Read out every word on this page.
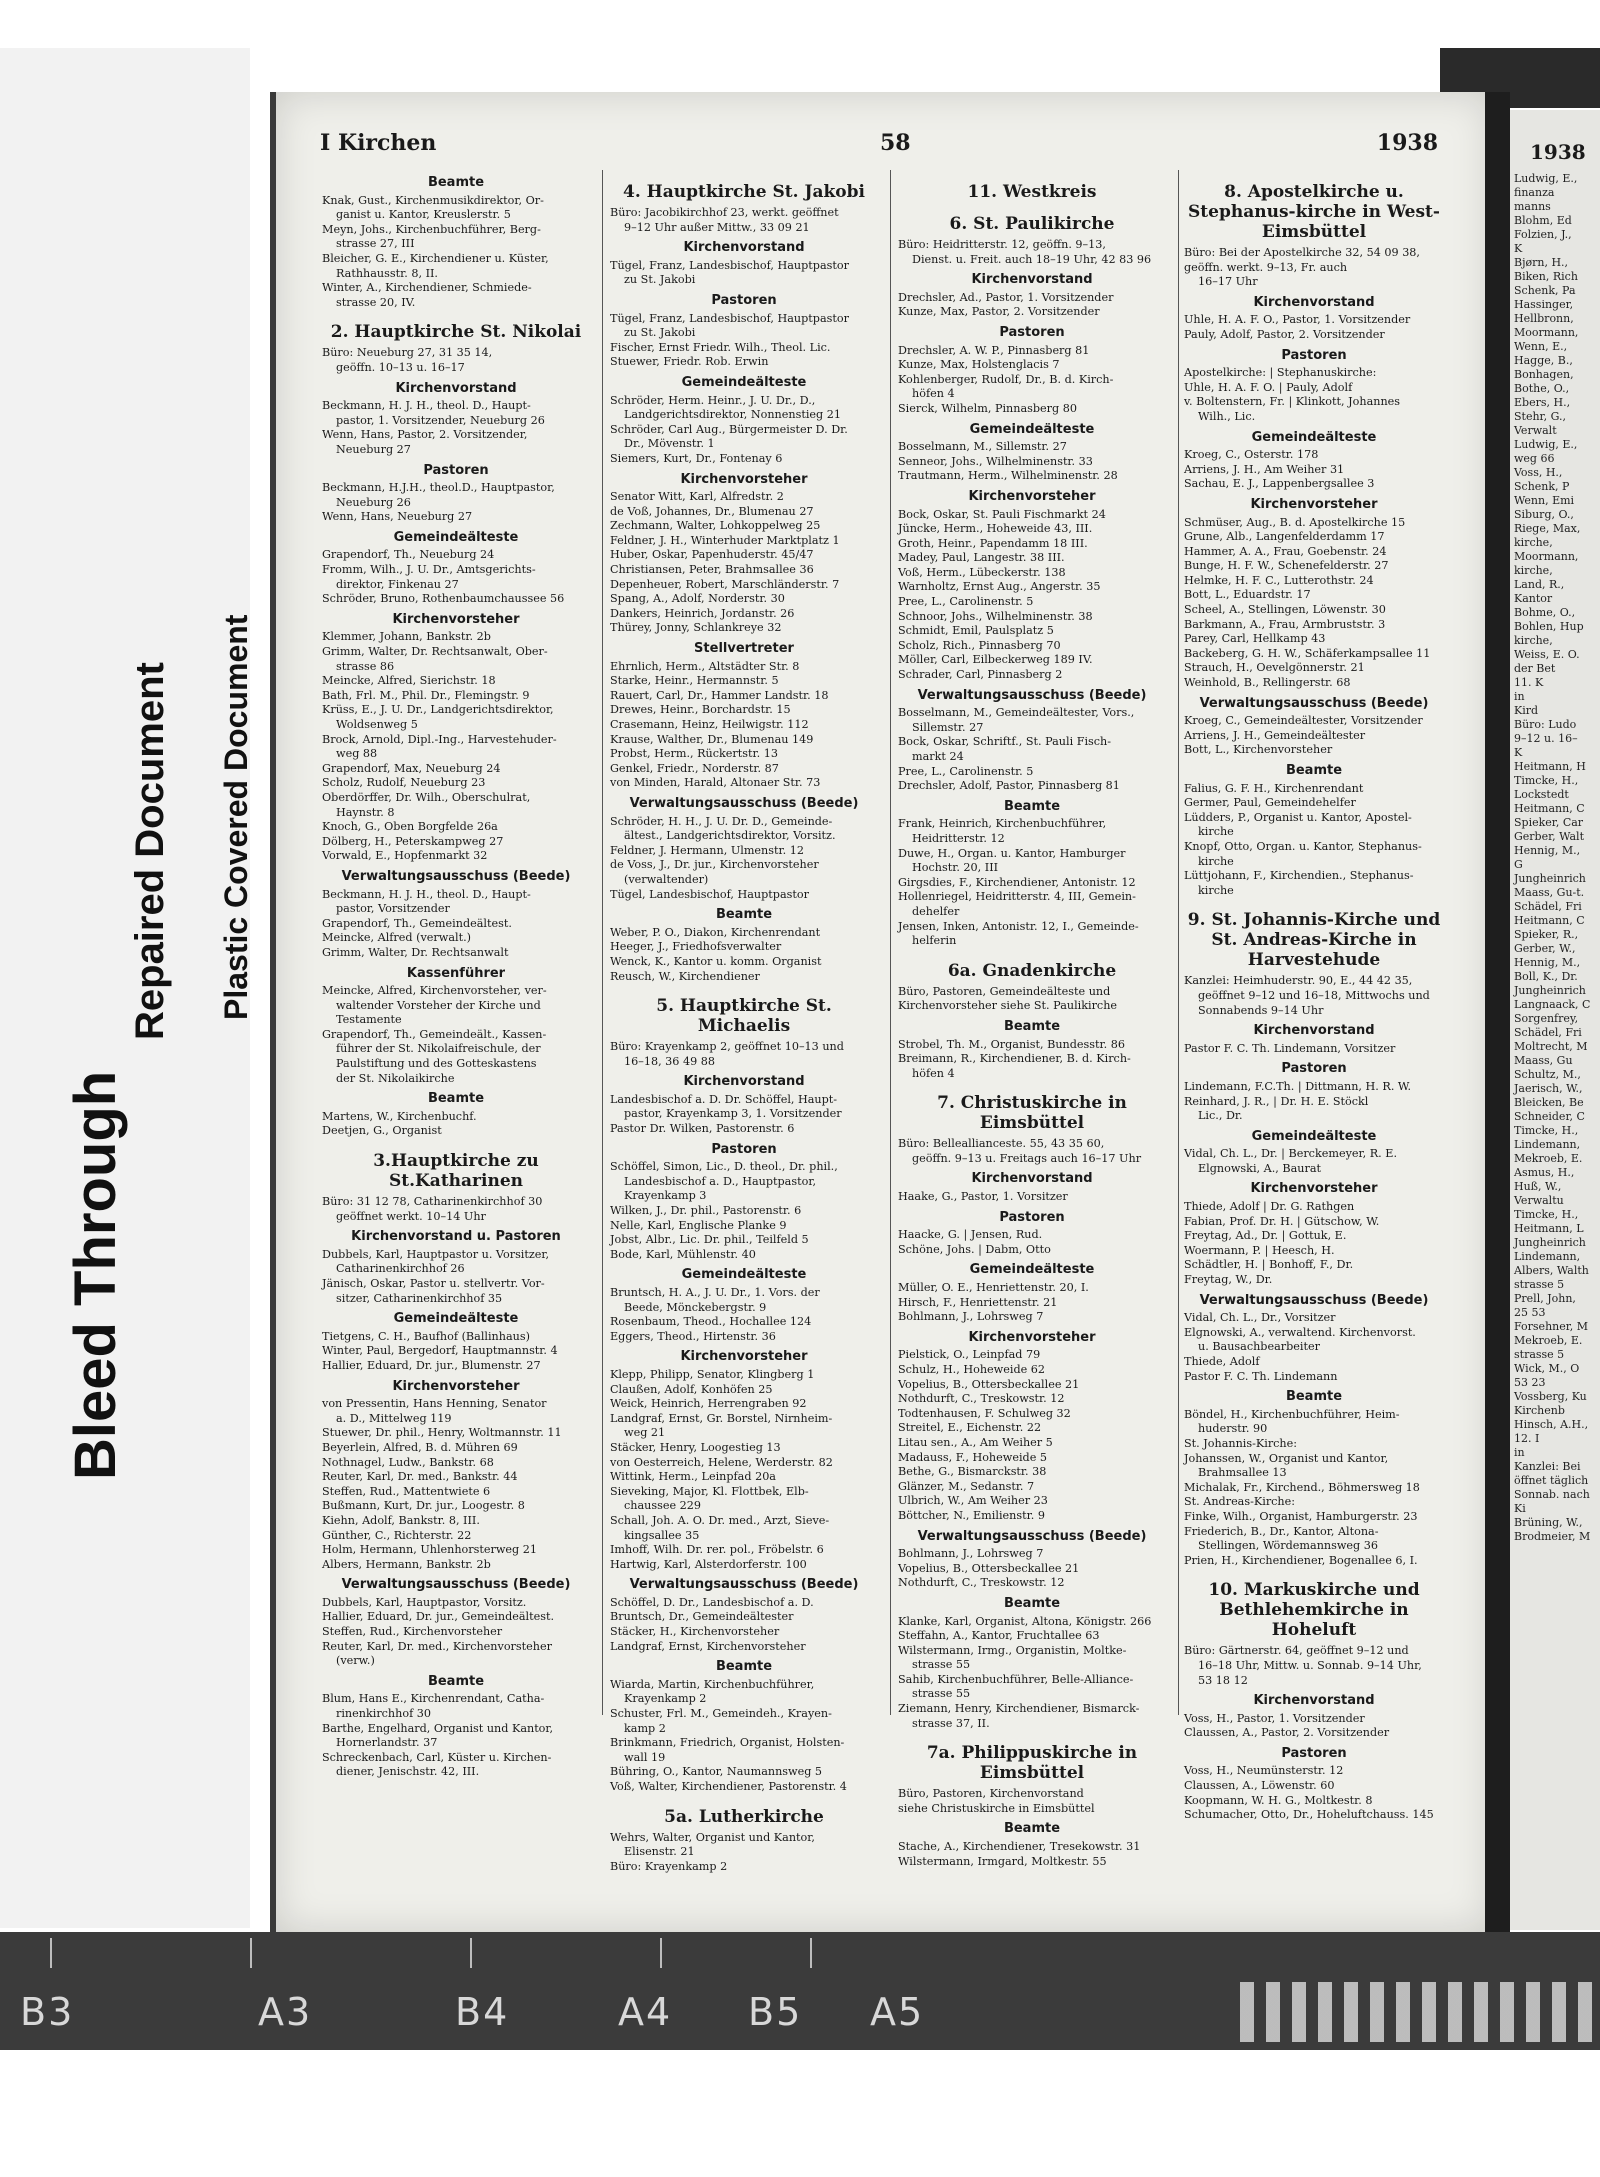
Bleed Through
Repaired Document Plastic Covered Document
1938
Ludwig, E.,
finanza
manns
Blohm, Ed
Folzien, J.,
K
Bjørn, H.,
Biken, Rich
Schenk, Pa
Hassinger,
Hellbronn,
Moormann,
Wenn, E.,
Hagge, B.,
Bonhagen,
Bothe, O.,
Ebers, H.,
Stehr, G.,
Verwalt
Ludwig, E.,
weg 66
Voss, H.,
Schenk, P
Wenn, Emi
Siburg, O.,
Riege, Max,
kirche,
Moormann,
kirche,
Land, R.,
Kantor
Bohme, O.,
Bohlen, Hup
kirche,
Weiss, E. O.
der Bet
11. K
in
Kird
Büro: Ludo
9–12 u. 16–
K
Heitmann, H
Timcke, H.,
Lockstedt
Heitmann, C
Spieker, Car
Gerber, Walt
Hennig, M.,
G
Jungheinrich
Maass, Gu-t.
Schädel, Fri
Heitmann, C
Spieker, R.,
Gerber, W.,
Hennig, M.,
Boll, K., Dr.
Jungheinrich
Langnaack, C
Sorgenfrey,
Schädel, Fri
Moltrecht, M
Maass, Gu
Schultz, M.,
Jaerisch, W.,
Bleicken, Be
Schneider, C
Timcke, H.,
Lindemann,
Mekroeb, E.
Asmus, H.,
Huß, W.,
Verwaltu
Timcke, H.,
Heitmann, L
Jungheinrich
Lindemann,
Albers, Walth
strasse 5
Prell, John,
25 53
Forsehner, M
Mekroeb, E.
strasse 5
Wick, M., O
53 23
Vossberg, Ku
Kirchenb
Hinsch, A.H.,
12. I
in
Kanzlei: Bei
öffnet täglich
Sonnab. nach
Ki
Brüning, W.,
Brodmeier, M
I Kirchen	58	1938
Beamte
Knak, Gust., Kirchenmusikdirektor, Or-
ganist u. Kantor, Kreuslerstr. 5
Meyn, Johs., Kirchenbuchführer, Berg-
strasse 27, III
Bleicher, G. E., Kirchendiener u. Küster,
Rathhausstr. 8, II.
Winter, A., Kirchendiener, Schmiede-
strasse 20, IV.
2. Hauptkirche St. Nikolai
Büro: Neueburg 27, 31 35 14,
geöffn. 10–13 u. 16–17
Kirchenvorstand
Beckmann, H. J. H., theol. D., Haupt-
pastor, 1. Vorsitzender, Neueburg 26
Wenn, Hans, Pastor, 2. Vorsitzender,
Neueburg 27
Pastoren
Beckmann, H.J.H., theol.D., Hauptpastor,
Neueburg 26
Wenn, Hans, Neueburg 27
Gemeindeälteste
Grapendorf, Th., Neueburg 24
Fromm, Wilh., J. U. Dr., Amtsgerichts-
direktor, Finkenau 27
Schröder, Bruno, Rothenbaumchaussee 56
Kirchenvorsteher
Klemmer, Johann, Bankstr. 2b
Grimm, Walter, Dr. Rechtsanwalt, Ober-
strasse 86
Meincke, Alfred, Sierichstr. 18
Bath, Frl. M., Phil. Dr., Flemingstr. 9
Krüss, E., J. U. Dr., Landgerichtsdirektor,
Woldsenweg 5
Brock, Arnold, Dipl.-Ing., Harvestehuder-
weg 88
Grapendorf, Max, Neueburg 24
Scholz, Rudolf, Neueburg 23
Oberdörffer, Dr. Wilh., Oberschulrat,
Haynstr. 8
Knoch, G., Oben Borgfelde 26a
Dölberg, H., Peterskampweg 27
Vorwald, E., Hopfenmarkt 32
Verwaltungsausschuss (Beede)
Beckmann, H. J. H., theol. D., Haupt-
pastor, Vorsitzender
Grapendorf, Th., Gemeindeältest.
Meincke, Alfred (verwalt.)
Grimm, Walter, Dr. Rechtsanwalt
Kassenführer
Meincke, Alfred, Kirchenvorsteher, ver-
waltender Vorsteher der Kirche und
Testamente
Grapendorf, Th., Gemeindeält., Kassen-
führer der St. Nikolaifreischule, der
Paulstiftung und des Gotteskastens
der St. Nikolaikirche
Beamte
Martens, W., Kirchenbuchf.
Deetjen, G., Organist
3.Hauptkirche zu St.Katharinen
Büro: 31 12 78, Catharinenkirchhof 30
geöffnet werkt. 10–14 Uhr
Kirchenvorstand u. Pastoren
Dubbels, Karl, Hauptpastor u. Vorsitzer,
Catharinenkirchhof 26
Jänisch, Oskar, Pastor u. stellvertr. Vor-
sitzer, Catharinenkirchhof 35
Gemeindeälteste
Tietgens, C. H., Baufhof (Ballinhaus)
Winter, Paul, Bergedorf, Hauptmannstr. 4
Hallier, Eduard, Dr. jur., Blumenstr. 27
Kirchenvorsteher
von Pressentin, Hans Henning, Senator
a. D., Mittelweg 119
Stuewer, Dr. phil., Henry, Woltmannstr. 11
Beyerlein, Alfred, B. d. Mühren 69
Nothnagel, Ludw., Bankstr. 68
Reuter, Karl, Dr. med., Bankstr. 44
Steffen, Rud., Mattentwiete 6
Bußmann, Kurt, Dr. jur., Loogestr. 8
Kiehn, Adolf, Bankstr. 8, III.
Günther, C., Richterstr. 22
Holm, Hermann, Uhlenhorsterweg 21
Albers, Hermann, Bankstr. 2b
Verwaltungsausschuss (Beede)
Dubbels, Karl, Hauptpastor, Vorsitz.
Hallier, Eduard, Dr. jur., Gemeindeältest.
Steffen, Rud., Kirchenvorsteher
Reuter, Karl, Dr. med., Kirchenvorsteher
(verw.)
Beamte
Blum, Hans E., Kirchenrendant, Catha-
rinenkirchhof 30
Barthe, Engelhard, Organist und Kantor,
Hornerlandstr. 37
Schreckenbach, Carl, Küster u. Kirchen-
diener, Jenischstr. 42, III.
4. Hauptkirche St. Jakobi
Büro: Jacobikirchhof 23, werkt. geöffnet
9–12 Uhr außer Mittw., 33 09 21
Kirchenvorstand
Tügel, Franz, Landesbischof, Hauptpastor
zu St. Jakobi
Pastoren
Tügel, Franz, Landesbischof, Hauptpastor
zu St. Jakobi
Fischer, Ernst Friedr. Wilh., Theol. Lic.
Stuewer, Friedr. Rob. Erwin
Gemeindeälteste
Schröder, Herm. Heinr., J. U. Dr., D.,
Landgerichtsdirektor, Nonnenstieg 21
Schröder, Carl Aug., Bürgermeister D. Dr.
Dr., Mövenstr. 1
Siemers, Kurt, Dr., Fontenay 6
Kirchenvorsteher
Senator Witt, Karl, Alfredstr. 2
de Voß, Johannes, Dr., Blumenau 27
Zechmann, Walter, Lohkoppelweg 25
Feldner, J. H., Winterhuder Marktplatz 1
Huber, Oskar, Papenhuderstr. 45/47
Christiansen, Peter, Brahmsallee 36
Depenheuer, Robert, Marschländerstr. 7
Spang, A., Adolf, Norderstr. 30
Dankers, Heinrich, Jordanstr. 26
Thürey, Jonny, Schlankreye 32
Stellvertreter
Ehrnlich, Herm., Altstädter Str. 8
Starke, Heinr., Hermannstr. 5
Rauert, Carl, Dr., Hammer Landstr. 18
Drewes, Heinr., Borchardstr. 15
Crasemann, Heinz, Heilwigstr. 112
Krause, Walther, Dr., Blumenau 149
Probst, Herm., Rückertstr. 13
Genkel, Friedr., Norderstr. 87
von Minden, Harald, Altonaer Str. 73
Verwaltungsausschuss (Beede)
Schröder, H. H., J. U. Dr. D., Gemeinde-
ältest., Landgerichtsdirektor, Vorsitz.
Feldner, J. Hermann, Ulmenstr. 12
de Voss, J., Dr. jur., Kirchenvorsteher
(verwaltender)
Tügel, Landesbischof, Hauptpastor
Beamte
Weber, P. O., Diakon, Kirchenrendant
Heeger, J., Friedhofsverwalter
Wenck, K., Kantor u. komm. Organist
Reusch, W., Kirchendiener
5. Hauptkirche St. Michaelis
Büro: Krayenkamp 2, geöffnet 10–13 und
16–18, 36 49 88
Kirchenvorstand
Landesbischof a. D. Dr. Schöffel, Haupt-
pastor, Krayenkamp 3, 1. Vorsitzender
Pastor Dr. Wilken, Pastorenstr. 6
Pastoren
Schöffel, Simon, Lic., D. theol., Dr. phil.,
Landesbischof a. D., Hauptpastor,
Krayenkamp 3
Wilken, J., Dr. phil., Pastorenstr. 6
Nelle, Karl, Englische Planke 9
Jobst, Albr., Lic. Dr. phil., Teilfeld 5
Bode, Karl, Mühlenstr. 40
Gemeindeälteste
Bruntsch, H. A., J. U. Dr., 1. Vors. der
Beede, Mönckebergstr. 9
Rosenbaum, Theod., Hochallee 124
Eggers, Theod., Hirtenstr. 36
Kirchenvorsteher
Klepp, Philipp, Senator, Klingberg 1
Claußen, Adolf, Konhöfen 25
Weick, Heinrich, Herrengraben 92
Landgraf, Ernst, Gr. Borstel, Nirnheim-
weg 21
Stäcker, Henry, Loogestieg 13
von Oesterreich, Helene, Werderstr. 82
Wittink, Herm., Leinpfad 20a
Sieveking, Major, Kl. Flottbek, Elb-
chaussee 229
Schall, Joh. A. O. Dr. med., Arzt, Sieve-
kingsallee 35
Imhoff, Wilh. Dr. rer. pol., Fröbelstr. 6
Hartwig, Karl, Alsterdorferstr. 100
Verwaltungsausschuss (Beede)
Schöffel, D. Dr., Landesbischof a. D.
Bruntsch, Dr., Gemeindeältester
Stäcker, H., Kirchenvorsteher
Landgraf, Ernst, Kirchenvorsteher
Beamte
Wiarda, Martin, Kirchenbuchführer,
Krayenkamp 2
Schuster, Frl. M., Gemeindeh., Krayen-
kamp 2
Brinkmann, Friedrich, Organist, Holsten-
wall 19
Bühring, O., Kantor, Naumannsweg 5
Voß, Walter, Kirchendiener, Pastorenstr. 4
5a. Lutherkirche
Wehrs, Walter, Organist und Kantor,
Elisenstr. 21
Büro: Krayenkamp 2
11. Westkreis
6. St. Paulikirche
Büro: Heidritterstr. 12, geöffn. 9–13,
Dienst. u. Freit. auch 18–19 Uhr, 42 83 96
Kirchenvorstand
Drechsler, Ad., Pastor, 1. Vorsitzender
Kunze, Max, Pastor, 2. Vorsitzender
Pastoren
Drechsler, A. W. P., Pinnasberg 81
Kunze, Max, Holstenglacis 7
Kohlenberger, Rudolf, Dr., B. d. Kirch-
höfen 4
Sierck, Wilhelm, Pinnasberg 80
Gemeindeälteste
Bosselmann, M., Sillemstr. 27
Senneor, Johs., Wilhelminenstr. 33
Trautmann, Herm., Wilhelminenstr. 28
Kirchenvorsteher
Bock, Oskar, St. Pauli Fischmarkt 24
Jüncke, Herm., Hoheweide 43, III.
Groth, Heinr., Papendamm 18 III.
Madey, Paul, Langestr. 38 III.
Voß, Herm., Lübeckerstr. 138
Warnholtz, Ernst Aug., Angerstr. 35
Pree, L., Carolinenstr. 5
Schnoor, Johs., Wilhelminenstr. 38
Schmidt, Emil, Paulsplatz 5
Scholz, Rich., Pinnasberg 70
Möller, Carl, Eilbeckerweg 189 IV.
Schrader, Carl, Pinnasberg 2
Verwaltungsausschuss (Beede)
Bosselmann, M., Gemeindeältester, Vors.,
Sillemstr. 27
Bock, Oskar, Schriftf., St. Pauli Fisch-
markt 24
Pree, L., Carolinenstr. 5
Drechsler, Adolf, Pastor, Pinnasberg 81
Beamte
Frank, Heinrich, Kirchenbuchführer,
Heidritterstr. 12
Duwe, H., Organ. u. Kantor, Hamburger
Hochstr. 20, III
Girgsdies, F., Kirchendiener, Antonistr. 12
Hollenriegel, Heidritterstr. 4, III, Gemein-
dehelfer
Jensen, Inken, Antonistr. 12, I., Gemeinde-
helferin
6a. Gnadenkirche
Büro, Pastoren, Gemeindeälteste und
Kirchenvorsteher siehe St. Paulikirche
Beamte
Strobel, Th. M., Organist, Bundesstr. 86
Breimann, R., Kirchendiener, B. d. Kirch-
höfen 4
7. Christuskirche in Eimsbüttel
Büro: Belleallianceste. 55, 43 35 60,
geöffn. 9–13 u. Freitags auch 16–17 Uhr
Kirchenvorstand
Haake, G., Pastor, 1. Vorsitzer
Pastoren
Haacke, G. | Jensen, Rud.
Schöne, Johs. | Dabm, Otto
Gemeindeälteste
Müller, O. E., Henriettenstr. 20, I.
Hirsch, F., Henriettenstr. 21
Bohlmann, J., Lohrsweg 7
Kirchenvorsteher
Pielstick, O., Leinpfad 79
Schulz, H., Hoheweide 62
Vopelius, B., Ottersbeckallee 21
Nothdurft, C., Treskowstr. 12
Todtenhausen, F. Schulweg 32
Streitel, E., Eichenstr. 22
Litau sen., A., Am Weiher 5
Madauss, F., Hoheweide 5
Bethe, G., Bismarckstr. 38
Glänzer, M., Sedanstr. 7
Ulbrich, W., Am Weiher 23
Böttcher, N., Emilienstr. 9
Verwaltungsausschuss (Beede)
Bohlmann, J., Lohrsweg 7
Vopelius, B., Ottersbeckallee 21
Nothdurft, C., Treskowstr. 12
Beamte
Klanke, Karl, Organist, Altona, Königstr. 266
Steffahn, A., Kantor, Fruchtallee 63
Wilstermann, Irmg., Organistin, Moltke-
strasse 55
Sahib, Kirchenbuchführer, Belle-Alliance-
strasse 55
Ziemann, Henry, Kirchendiener, Bismarck-
strasse 37, II.
7a. Philippuskirche in Eimsbüttel
Büro, Pastoren, Kirchenvorstand
siehe Christuskirche in Eimsbüttel
Beamte
Stache, A., Kirchendiener, Tresekowstr. 31
Wilstermann, Irmgard, Moltkestr. 55
8. Apostelkirche u. Stephanus-kirche in West-Eimsbüttel
Büro: Bei der Apostelkirche 32, 54 09 38, geöffn. werkt. 9–13, Fr. auch
16–17 Uhr
Kirchenvorstand
Uhle, H. A. F. O., Pastor, 1. Vorsitzender
Pauly, Adolf, Pastor, 2. Vorsitzender
Pastoren
Apostelkirche: | Stephanuskirche:
Uhle, H. A. F. O. | Pauly, Adolf
v. Boltenstern, Fr. | Klinkott, Johannes
Wilh., Lic.
Gemeindeälteste
Kroeg, C., Osterstr. 178
Arriens, J. H., Am Weiher 31
Sachau, E. J., Lappenbergsallee 3
Kirchenvorsteher
Schmüser, Aug., B. d. Apostelkirche 15
Grune, Alb., Langenfelderdamm 17
Hammer, A. A., Frau, Goebenstr. 24
Bunge, H. F. W., Schenefelderstr. 27
Helmke, H. F. C., Lutterothstr. 24
Bott, L., Eduardstr. 17
Scheel, A., Stellingen, Löwenstr. 30
Barkmann, A., Frau, Armbruststr. 3
Parey, Carl, Hellkamp 43
Backeberg, G. H. W., Schäferkampsallee 11
Strauch, H., Oevelgönnerstr. 21
Weinhold, B., Rellingerstr. 68
Verwaltungsausschuss (Beede)
Kroeg, C., Gemeindeältester, Vorsitzender
Arriens, J. H., Gemeindeältester
Bott, L., Kirchenvorsteher
Beamte
Falius, G. F. H., Kirchenrendant
Germer, Paul, Gemeindehelfer
Lüdders, P., Organist u. Kantor, Apostel-
kirche
Knopf, Otto, Organ. u. Kantor, Stephanus-
kirche
Lüttjohann, F., Kirchendien., Stephanus-
kirche
9. St. Johannis-Kirche und St. Andreas-Kirche in Harvestehude
Kanzlei: Heimhuderstr. 90, E., 44 42 35,
geöffnet 9–12 und 16–18, Mittwochs und Sonnabends 9–14 Uhr
Kirchenvorstand
Pastor F. C. Th. Lindemann, Vorsitzer
Pastoren
Lindemann, F.C.Th. | Dittmann, H. R. W.
Reinhard, J. R., | Dr. H. E. Stöckl
Lic., Dr.
Gemeindeälteste
Vidal, Ch. L., Dr. | Berckemeyer, R. E.
Elgnowski, A., Baurat
Kirchenvorsteher
Thiede, Adolf | Dr. G. Rathgen
Fabian, Prof. Dr. H. | Gütschow, W.
Freytag, Ad., Dr. | Gottuk, E.
Woermann, P. | Heesch, H.
Schädtler, H. | Bonhoff, F., Dr.
Freytag, W., Dr.
Verwaltungsausschuss (Beede)
Vidal, Ch. L., Dr., Vorsitzer
Elgnowski, A., verwaltend. Kirchenvorst.
u. Bausachbearbeiter
Thiede, Adolf
Pastor F. C. Th. Lindemann
Beamte
Böndel, H., Kirchenbuchführer, Heim-
huderstr. 90
St. Johannis-Kirche:
Johanssen, W., Organist und Kantor,
Brahmsallee 13
Michalak, Fr., Kirchend., Böhmersweg 18
St. Andreas-Kirche:
Finke, Wilh., Organist, Hamburgerstr. 23
Friederich, B., Dr., Kantor, Altona-
Stellingen, Wördemannsweg 36
Prien, H., Kirchendiener, Bogenallee 6, I.
10. Markuskirche und Bethlehemkirche in Hoheluft
Büro: Gärtnerstr. 64, geöffnet 9–12 und
16–18 Uhr, Mittw. u. Sonnab. 9–14 Uhr,
53 18 12
Kirchenvorstand
Voss, H., Pastor, 1. Vorsitzender
Claussen, A., Pastor, 2. Vorsitzender
Pastoren
Voss, H., Neumünsterstr. 12
Claussen, A., Löwenstr. 60
Koopmann, W. H. G., Moltkestr. 8
Schumacher, Otto, Dr., Hoheluftchauss. 145
B3	A3	B4	A4 B5 A5
